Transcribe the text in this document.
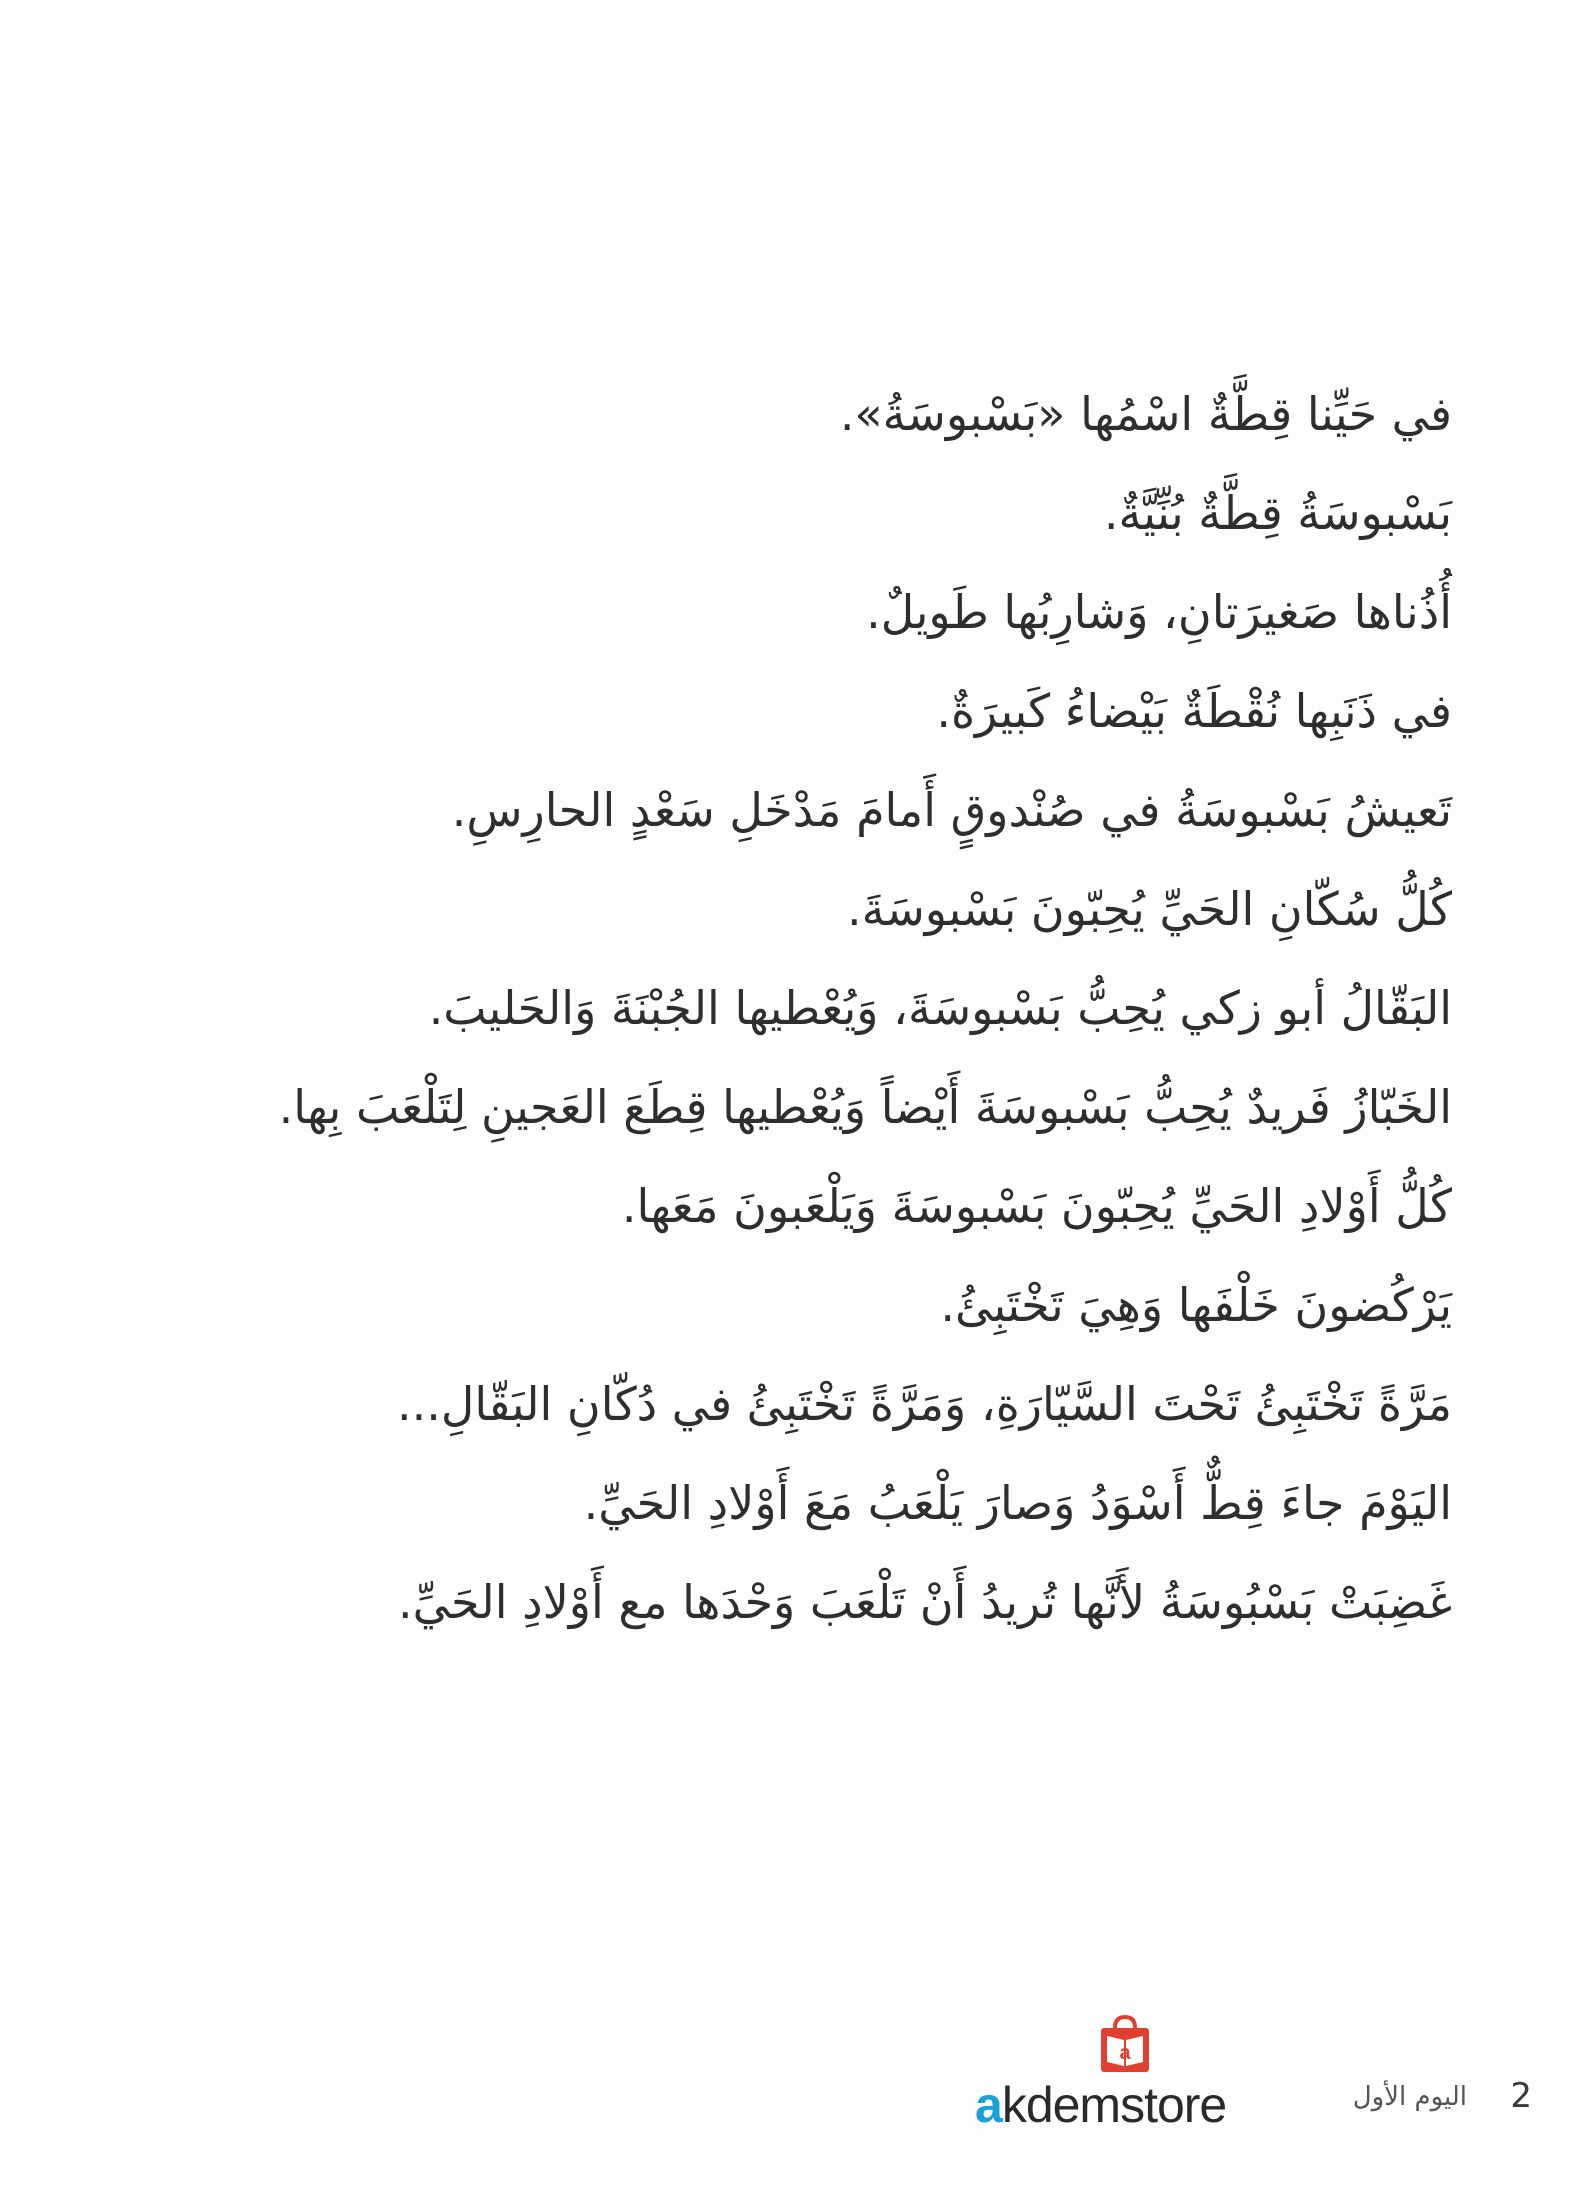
في حَيِّنا قِطَّةٌ اسْمُها «بَسْبوسَةُ».
بَسْبوسَةُ قِطَّةٌ بُنِّيَّةٌ.
أُذُناها صَغيرَتانِ، وَشارِبُها طَويلٌ.
في ذَنَبِها نُقْطَةٌ بَيْضاءُ كَبيرَةٌ.
تَعيشُ بَسْبوسَةُ في صُنْدوقٍ أَمامَ مَدْخَلِ سَعْدٍ الحارِسِ.
كُلُّ سُكّانِ الحَيِّ يُحِبّونَ بَسْبوسَةَ.
البَقّالُ أبو زكي يُحِبُّ بَسْبوسَةَ، وَيُعْطيها الجُبْنَةَ وَالحَليبَ.
الخَبّازُ فَريدٌ يُحِبُّ بَسْبوسَةَ أَيْضاً وَيُعْطيها قِطَعَ العَجينِ لِتَلْعَبَ بِها.
كُلُّ أَوْلادِ الحَيِّ يُحِبّونَ بَسْبوسَةَ وَيَلْعَبونَ مَعَها.
يَرْكُضونَ خَلْفَها وَهِيَ تَخْتَبِئُ.
مَرَّةً تَخْتَبِئُ تَحْتَ السَّيّارَةِ، وَمَرَّةً تَخْتَبِئُ في دُكّانِ البَقّالِ...
اليَوْمَ جاءَ قِطٌّ أَسْوَدُ وَصارَ يَلْعَبُ مَعَ أَوْلادِ الحَيِّ.
غَضِبَتْ بَسْبُوسَةُ لأَنَّها تُريدُ أَنْ تَلْعَبَ وَحْدَها مع أَوْلادِ الحَيِّ.
2
اليوم الأول
a
akdemstore
